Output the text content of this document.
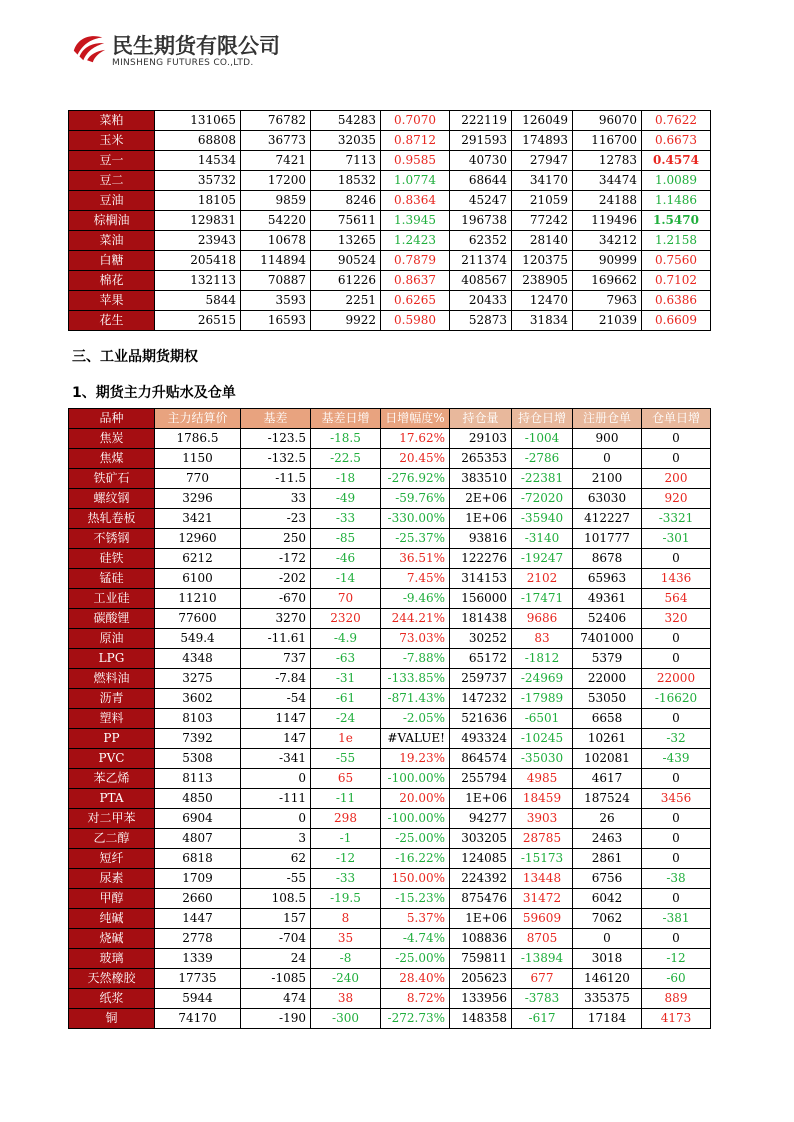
民生期货有限公司
MINSHENG FUTURES CO.,LTD.
菜粕	131065	76782	54283	0.7070	222119	126049	96070	0.7622
玉米	68808	36773	32035	0.8712	291593	174893	116700	0.6673
豆一	14534	7421	7113	0.9585	40730	27947	12783	0.4574
豆二	35732	17200	18532	1.0774	68644	34170	34474	1.0089
豆油	18105	9859	8246	0.8364	45247	21059	24188	1.1486
棕榈油	129831	54220	75611	1.3945	196738	77242	119496	1.5470
菜油	23943	10678	13265	1.2423	62352	28140	34212	1.2158
白糖	205418	114894	90524	0.7879	211374	120375	90999	0.7560
棉花	132113	70887	61226	0.8637	408567	238905	169662	0.7102
苹果	5844	3593	2251	0.6265	20433	12470	7963	0.6386
花生	26515	16593	9922	0.5980	52873	31834	21039	0.6609
三、工业品期货期权
1、期货主力升贴水及仓单
品种	主力结算价	基差	基差日增	日增幅度%	持仓量	持仓日增	注册仓单	仓单日增
焦炭	1786.5	-123.5	-18.5	17.62%	29103	-1004	900	0
焦煤	1150	-132.5	-22.5	20.45%	265353	-2786	0	0
铁矿石	770	-11.5	-18	-276.92%	383510	-22381	2100	200
螺纹钢	3296	33	-49	-59.76%	2E+06	-72020	63030	920
热轧卷板	3421	-23	-33	-330.00%	1E+06	-35940	412227	-3321
不锈钢	12960	250	-85	-25.37%	93816	-3140	101777	-301
硅铁	6212	-172	-46	36.51%	122276	-19247	8678	0
锰硅	6100	-202	-14	7.45%	314153	2102	65963	1436
工业硅	11210	-670	70	-9.46%	156000	-17471	49361	564
碳酸锂	77600	3270	2320	244.21%	181438	9686	52406	320
原油	549.4	-11.61	-4.9	73.03%	30252	83	7401000	0
LPG	4348	737	-63	-7.88%	65172	-1812	5379	0
燃料油	3275	-7.84	-31	-133.85%	259737	-24969	22000	22000
沥青	3602	-54	-61	-871.43%	147232	-17989	53050	-16620
塑料	8103	1147	-24	-2.05%	521636	-6501	6658	0
PP	7392	147	1e	#VALUE!	493324	-10245	10261	-32
PVC	5308	-341	-55	19.23%	864574	-35030	102081	-439
苯乙烯	8113	0	65	-100.00%	255794	4985	4617	0
PTA	4850	-111	-11	20.00%	1E+06	18459	187524	3456
对二甲苯	6904	0	298	-100.00%	94277	3903	26	0
乙二醇	4807	3	-1	-25.00%	303205	28785	2463	0
短纤	6818	62	-12	-16.22%	124085	-15173	2861	0
尿素	1709	-55	-33	150.00%	224392	13448	6756	-38
甲醇	2660	108.5	-19.5	-15.23%	875476	31472	6042	0
纯碱	1447	157	8	5.37%	1E+06	59609	7062	-381
烧碱	2778	-704	35	-4.74%	108836	8705	0	0
玻璃	1339	24	-8	-25.00%	759811	-13894	3018	-12
天然橡胶	17735	-1085	-240	28.40%	205623	677	146120	-60
纸浆	5944	474	38	8.72%	133956	-3783	335375	889
铜	74170	-190	-300	-272.73%	148358	-617	17184	4173
